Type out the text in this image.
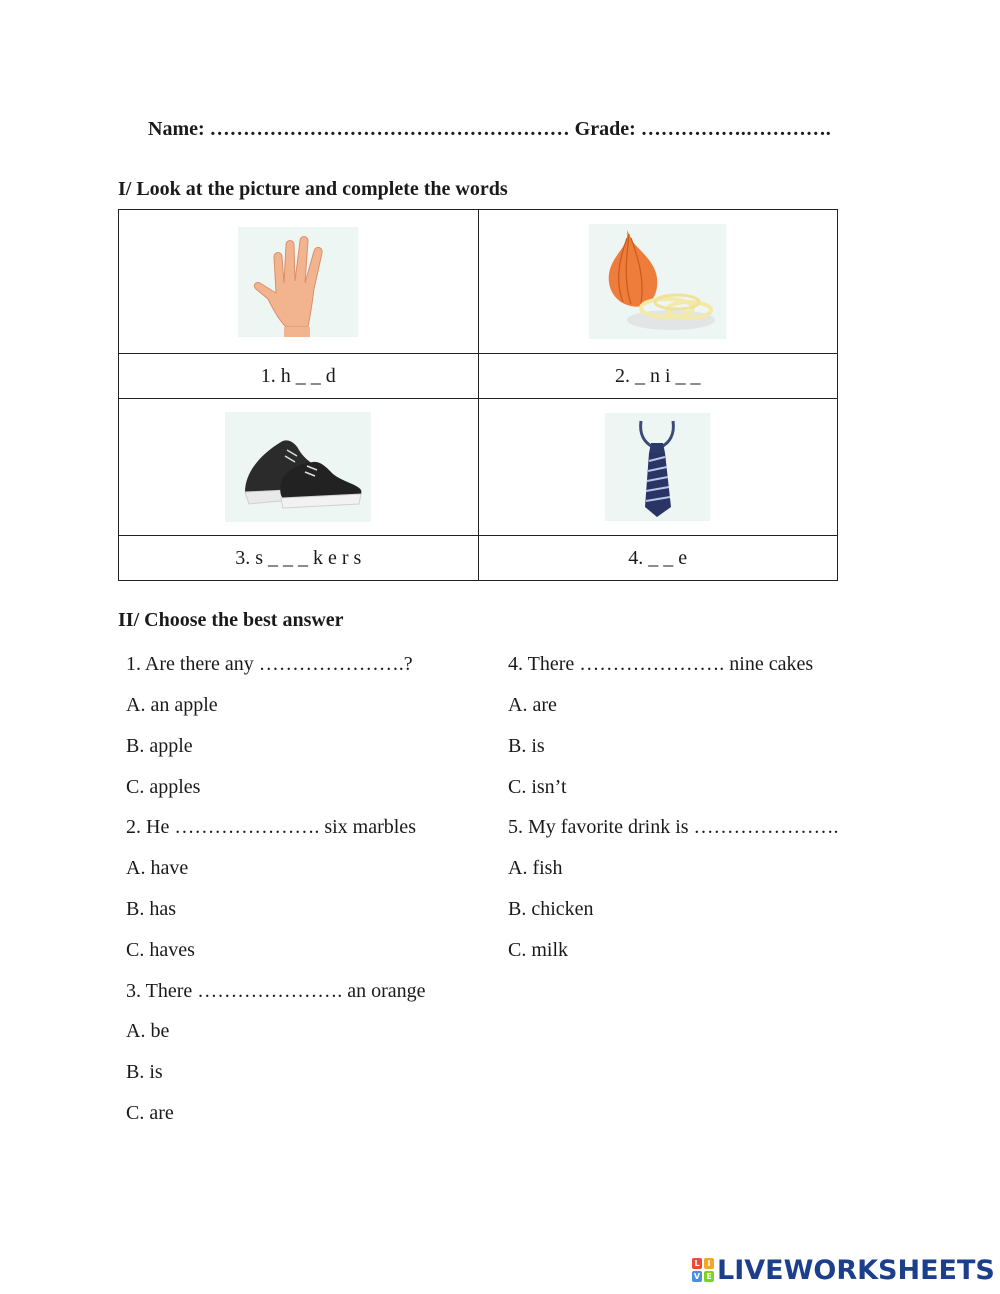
Name: ……………………………………………… Grade: …………….………….
I/ Look at the picture and complete the words

1. h _ _ d	2. _ n i _ _

3. s _ _ _ k e r s	4. _ _ e
II/ Choose the best answer
1. Are there any ………………….?
A. an apple
B. apple
C. apples
2. He …………………. six marbles
A. have
B. has
C. haves
3. There …………………. an orange
A. be
B. is
C. are
4. There …………………. nine cakes
A. are
B. is
C. isn’t
5. My favorite drink is ………………….
A. fish
B. chicken
C. milk
L I
V E LIVEWORKSHEETS
